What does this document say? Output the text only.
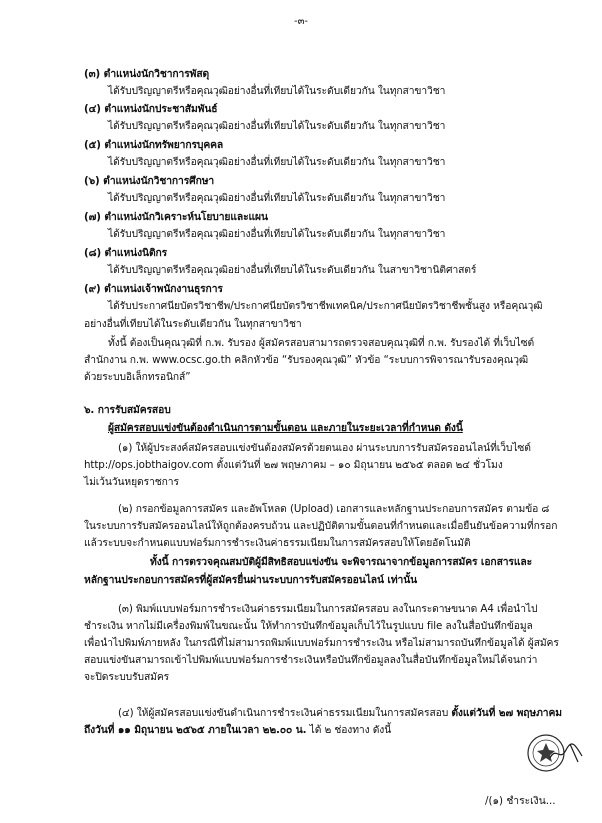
-๓-
(๓) ตำแหน่งนักวิชาการพัสดุ
ได้รับปริญญาตรีหรือคุณวุฒิอย่างอื่นที่เทียบได้ในระดับเดียวกัน ในทุกสาขาวิชา
(๔) ตำแหน่งนักประชาสัมพันธ์
ได้รับปริญญาตรีหรือคุณวุฒิอย่างอื่นที่เทียบได้ในระดับเดียวกัน ในทุกสาขาวิชา
(๕) ตำแหน่งนักทรัพยากรบุคคล
ได้รับปริญญาตรีหรือคุณวุฒิอย่างอื่นที่เทียบได้ในระดับเดียวกัน ในทุกสาขาวิชา
(๖) ตำแหน่งนักวิชาการศึกษา
ได้รับปริญญาตรีหรือคุณวุฒิอย่างอื่นที่เทียบได้ในระดับเดียวกัน ในทุกสาขาวิชา
(๗) ตำแหน่งนักวิเคราะห์นโยบายและแผน
ได้รับปริญญาตรีหรือคุณวุฒิอย่างอื่นที่เทียบได้ในระดับเดียวกัน ในทุกสาขาวิชา
(๘) ตำแหน่งนิติกร
ได้รับปริญญาตรีหรือคุณวุฒิอย่างอื่นที่เทียบได้ในระดับเดียวกัน ในสาขาวิชานิติศาสตร์
(๙) ตำแหน่งเจ้าพนักงานธุรการ
ได้รับประกาศนียบัตรวิชาชีพ/ประกาศนียบัตรวิชาชีพเทคนิค/ประกาศนียบัตรวิชาชีพชั้นสูง หรือคุณวุฒิ
อย่างอื่นที่เทียบได้ในระดับเดียวกัน ในทุกสาขาวิชา
ทั้งนี้ ต้องเป็นคุณวุฒิที่ ก.พ. รับรอง ผู้สมัครสอบสามารถตรวจสอบคุณวุฒิที่ ก.พ. รับรองได้ ที่เว็บไซต์
สำนักงาน ก.พ. www.ocsc.go.th คลิกหัวข้อ “รับรองคุณวุฒิ” หัวข้อ “ระบบการพิจารณารับรองคุณวุฒิ
ด้วยระบบอิเล็กทรอนิกส์”
๖. การรับสมัครสอบ
ผู้สมัครสอบแข่งขันต้องดำเนินการตามขั้นตอน และภายในระยะเวลาที่กำหนด ดังนี้
(๑) ให้ผู้ประสงค์สมัครสอบแข่งขันต้องสมัครด้วยตนเอง ผ่านระบบการรับสมัครออนไลน์ที่เว็บไซต์
http://ops.jobthaigov.com ตั้งแต่วันที่ ๒๗ พฤษภาคม – ๑๐ มิถุนายน ๒๕๖๕ ตลอด ๒๔ ชั่วโมง
ไม่เว้นวันหยุดราชการ
(๒) กรอกข้อมูลการสมัคร และอัพโหลด (Upload) เอกสารและหลักฐานประกอบการสมัคร ตามข้อ ๘
ในระบบการรับสมัครออนไลน์ให้ถูกต้องครบถ้วน และปฏิบัติตามขั้นตอนที่กำหนดและเมื่อยืนยันข้อความที่กรอก
แล้วระบบจะกำหนดแบบฟอร์มการชำระเงินค่าธรรมเนียมในการสมัครสอบให้โดยอัตโนมัติ
ทั้งนี้ การตรวจคุณสมบัติผู้มีสิทธิสอบแข่งขัน จะพิจารณาจากข้อมูลการสมัคร เอกสารและ
หลักฐานประกอบการสมัครที่ผู้สมัครยื่นผ่านระบบการรับสมัครออนไลน์ เท่านั้น
(๓) พิมพ์แบบฟอร์มการชำระเงินค่าธรรมเนียมในการสมัครสอบ ลงในกระดาษขนาด A4 เพื่อนำไป
ชำระเงิน หากไม่มีเครื่องพิมพ์ในขณะนั้น ให้ทำการบันทึกข้อมูลเก็บไว้ในรูปแบบ file ลงในสื่อบันทึกข้อมูล
เพื่อนำไปพิมพ์ภายหลัง ในกรณีที่ไม่สามารถพิมพ์แบบฟอร์มการชำระเงิน หรือไม่สามารถบันทึกข้อมูลได้ ผู้สมัคร
สอบแข่งขันสามารถเข้าไปพิมพ์แบบฟอร์มการชำระเงินหรือบันทึกข้อมูลลงในสื่อบันทึกข้อมูลใหม่ได้จนกว่า
จะปิดระบบรับสมัคร
(๔) ให้ผู้สมัครสอบแข่งขันดำเนินการชำระเงินค่าธรรมเนียมในการสมัครสอบ ตั้งแต่วันที่ ๒๗ พฤษภาคม
ถึงวันที่ ๑๑ มิถุนายน ๒๕๖๕ ภายในเวลา ๒๒.๐๐ น. ได้ ๒ ช่องทาง ดังนี้
/(๑) ชำระเงิน...
